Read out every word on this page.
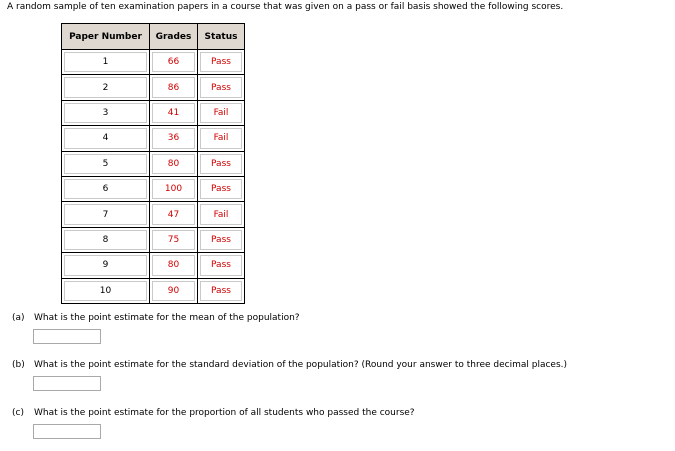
A random sample of ten examination papers in a course that was given on a pass or fail basis showed the following scores.
Paper Number	Grades	Status

1	66	Pass

2	86	Pass

3	41	Fail

4	36	Fail

5	80	Pass

6	100	Pass

7	47	Fail

8	75	Pass

9	80	Pass

10	90	Pass
(a) What is the point estimate for the mean of the population?
(b) What is the point estimate for the standard deviation of the population? (Round your answer to three decimal places.)
(c) What is the point estimate for the proportion of all students who passed the course?
